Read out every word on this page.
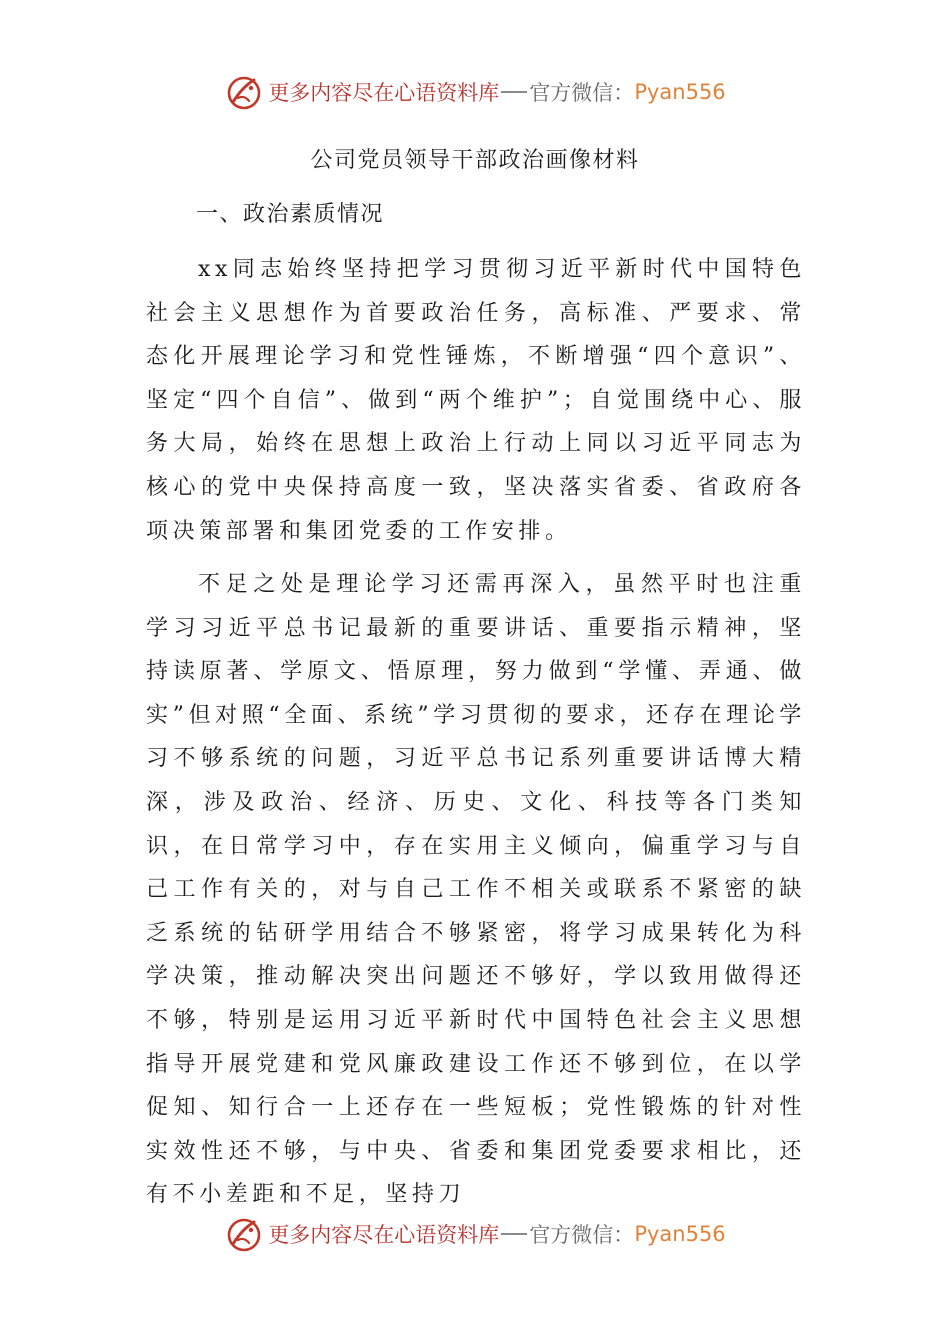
更多内容尽在心语资料库 官方微信： Pyan556
公司党员领导干部政治画像材料
一、政治素质情况

xx同志始终坚持把学习贯彻习近平新时代中国特色社会主义思想作为首要政治任务，高标准、严要求、常态化开展理论学习和党性锤炼，不断增强“四个意识”、坚定“四个自信”、做到“两个维护”；自觉围绕中心、服务大局，始终在思想上政治上行动上同以习近平同志为核心的党中央保持高度一致，坚决落实省委、省政府各项决策部署和集团党委的工作安排。

不足之处是理论学习还需再深入，虽然平时也注重学习习近平总书记最新的重要讲话、重要指示精神，坚持读原著、学原文、悟原理，努力做到“学懂、弄通、做实”但对照“全面、系统”学习贯彻的要求，还存在理论学习不够系统的问题，习近平总书记系列重要讲话博大精深，涉及政治、经济、历史、文化、科技等各门类知识，在日常学习中，存在实用主义倾向，偏重学习与自己工作有关的，对与自己工作不相关或联系不紧密的缺乏系统的钻研学用结合不够紧密，将学习成果转化为科学决策，推动解决突出问题还不够好，学以致用做得还不够，特别是运用习近平新时代中国特色社会主义思想指导开展党建和党风廉政建设工作还不够到位，在以学促知、知行合一上还存在一些短板；党性锻炼的针对性实效性还不够，与中央、省委和集团党委要求相比，还有不小差距和不足，坚持刀

更多内容尽在心语资料库 官方微信： Pyan556
